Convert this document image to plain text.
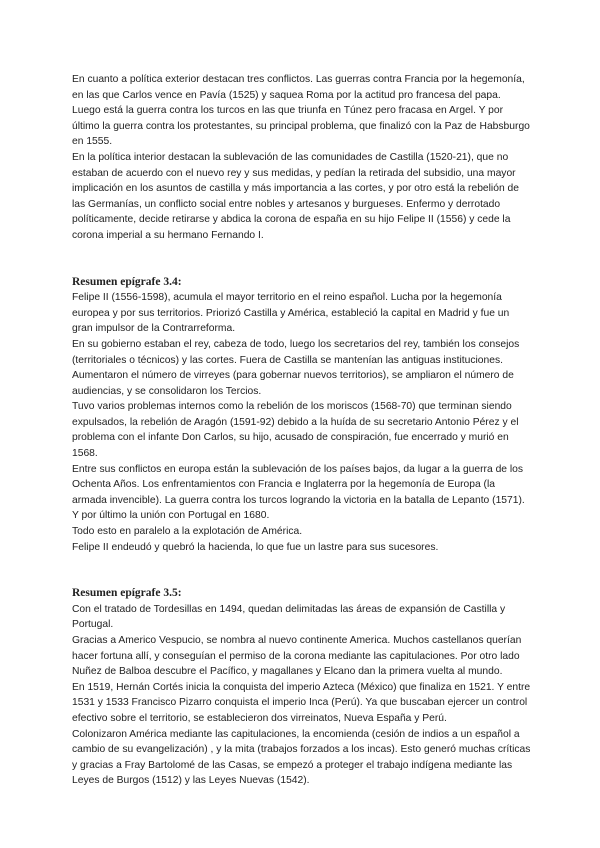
En cuanto a política exterior destacan tres conflictos. Las guerras contra Francia por la hegemonía, en las que Carlos vence en Pavía (1525) y saquea Roma por la actitud pro francesa del papa. Luego está la guerra contra los turcos en las que triunfa en Túnez pero fracasa en Argel. Y por último la guerra contra los protestantes, su principal problema, que finalizó con la Paz de Habsburgo en 1555.

En la política interior destacan la sublevación de las comunidades de Castilla (1520-21), que no estaban de acuerdo con el nuevo rey y sus medidas, y pedían la retirada del subsidio, una mayor implicación en los asuntos de castilla y más importancia a las cortes, y por otro está la rebelión de las Germanías, un conflicto social entre nobles y artesanos y burgueses. Enfermo y derrotado políticamente, decide retirarse y abdica la corona de españa en su hijo Felipe II (1556) y cede la corona imperial a su hermano Fernando I.

Resumen epígrafe 3.4:

Felipe II (1556-1598), acumula el mayor territorio en el reino español. Lucha por la hegemonía europea y por sus territorios. Priorizó Castilla y América, estableció la capital en Madrid y fue un gran impulsor de la Contrarreforma.

En su gobierno estaban el rey, cabeza de todo, luego los secretarios del rey, también los consejos (territoriales o técnicos) y las cortes. Fuera de Castilla se mantenían las antiguas instituciones. Aumentaron el número de virreyes (para gobernar nuevos territorios), se ampliaron el número de audiencias, y se consolidaron los Tercios.

Tuvo varios problemas internos como la rebelión de los moriscos (1568-70) que terminan siendo expulsados, la rebelión de Aragón (1591-92) debido a la huída de su secretario Antonio Pérez y el problema con el infante Don Carlos, su hijo, acusado de conspiración, fue encerrado y murió en 1568.

Entre sus conflictos en europa están la sublevación de los países bajos, da lugar a la guerra de los Ochenta Años. Los enfrentamientos con Francia e Inglaterra por la hegemonía de Europa (la armada invencible). La guerra contra los turcos logrando la victoria en la batalla de Lepanto (1571). Y por último la unión con Portugal en 1680.

Todo esto en paralelo a la explotación de América.

Felipe II endeudó y quebró la hacienda, lo que fue un lastre para sus sucesores.

Resumen epígrafe 3.5:

Con el tratado de Tordesillas en 1494, quedan delimitadas las áreas de expansión de Castilla y Portugal.

Gracias a Americo Vespucio, se nombra al nuevo continente America. Muchos castellanos querían hacer fortuna allí, y conseguían el permiso de la corona mediante las capitulaciones. Por otro lado Nuñez de Balboa descubre el Pacífico, y magallanes y Elcano dan la primera vuelta al mundo.

En 1519, Hernán Cortés inicia la conquista del imperio Azteca (México) que finaliza en 1521. Y entre 1531 y 1533 Francisco Pizarro conquista el imperio Inca (Perú). Ya que buscaban ejercer un control efectivo sobre el territorio, se establecieron dos virreinatos, Nueva España y Perú.

Colonizaron América mediante las capitulaciones, la encomienda (cesión de indios a un español a cambio de su evangelización) , y la mita (trabajos forzados a los incas). Esto generó muchas críticas y gracias a Fray Bartolomé de las Casas, se empezó a proteger el trabajo indígena mediante las Leyes de Burgos (1512) y las Leyes Nuevas (1542).
